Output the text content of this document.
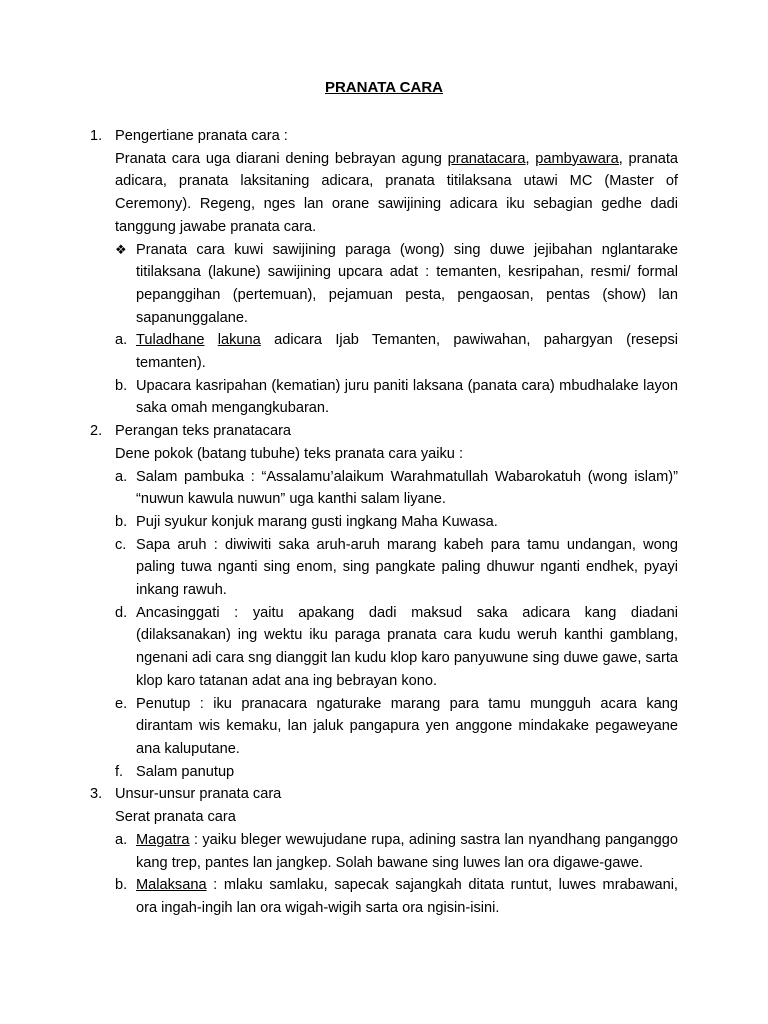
PRANATA CARA
1. Pengertiane pranata cara :
Pranata cara uga diarani dening bebrayan agung pranatacara, pambyawara, pranata adicara, pranata laksitaning adicara, pranata titilaksana utawi MC (Master of Ceremony). Regeng, nges lan orane sawijining adicara iku sebagian gedhe dadi tanggung jawabe pranata cara.
❖ Pranata cara kuwi sawijining paraga (wong) sing duwe jejibahan nglantarake titilaksana (lakune) sawijining upcara adat : temanten, kesripahan, resmi/ formal pepanggihan (pertemuan), pejamuan pesta, pengaosan, pentas (show) lan sapanunggalane.
a. Tuladhane lakuna adicara Ijab Temanten, pawiwahan, pahargyan (resepsi temanten).
b. Upacara kasripahan (kematian) juru paniti laksana (panata cara) mbudhalake layon saka omah mengangkubaran.
2. Perangan teks pranatacara
Dene pokok (batang tubuhe) teks pranata cara yaiku :
a. Salam pambuka : “Assalamu’alaikum Warahmatullah Wabarokatuh (wong islam)” “nuwun kawula nuwun” uga kanthi salam liyane.
b. Puji syukur konjuk marang gusti ingkang Maha Kuwasa.
c. Sapa aruh : diwiwiti saka aruh-aruh marang kabeh para tamu undangan, wong paling tuwa nganti sing enom, sing pangkate paling dhuwur nganti endhek, pyayi inkang rawuh.
d. Ancasinggati : yaitu apakang dadi maksud saka adicara kang diadani (dilaksanakan) ing wektu iku paraga pranata cara kudu weruh kanthi gamblang, ngenani adi cara sng dianggit lan kudu klop karo panyuwune sing duwe gawe, sarta klop karo tatanan adat ana ing bebrayan kono.
e. Penutup : iku pranacara ngaturake marang para tamu mungguh acara kang dirantam wis kemaku, lan jaluk pangapura yen anggone mindakake pegaweyane ana kaluputane.
f. Salam panutup
3. Unsur-unsur pranata cara
Serat pranata cara
a. Magatra : yaiku bleger wewujudane rupa, adining sastra lan nyandhang panganggo kang trep, pantes lan jangkep. Solah bawane sing luwes lan ora digawe-gawe.
b. Malaksana : mlaku samlaku, sapecak sajangkah ditata runtut, luwes mrabawani, ora ingah-ingih lan ora wigah-wigih sarta ora ngisin-isini.
